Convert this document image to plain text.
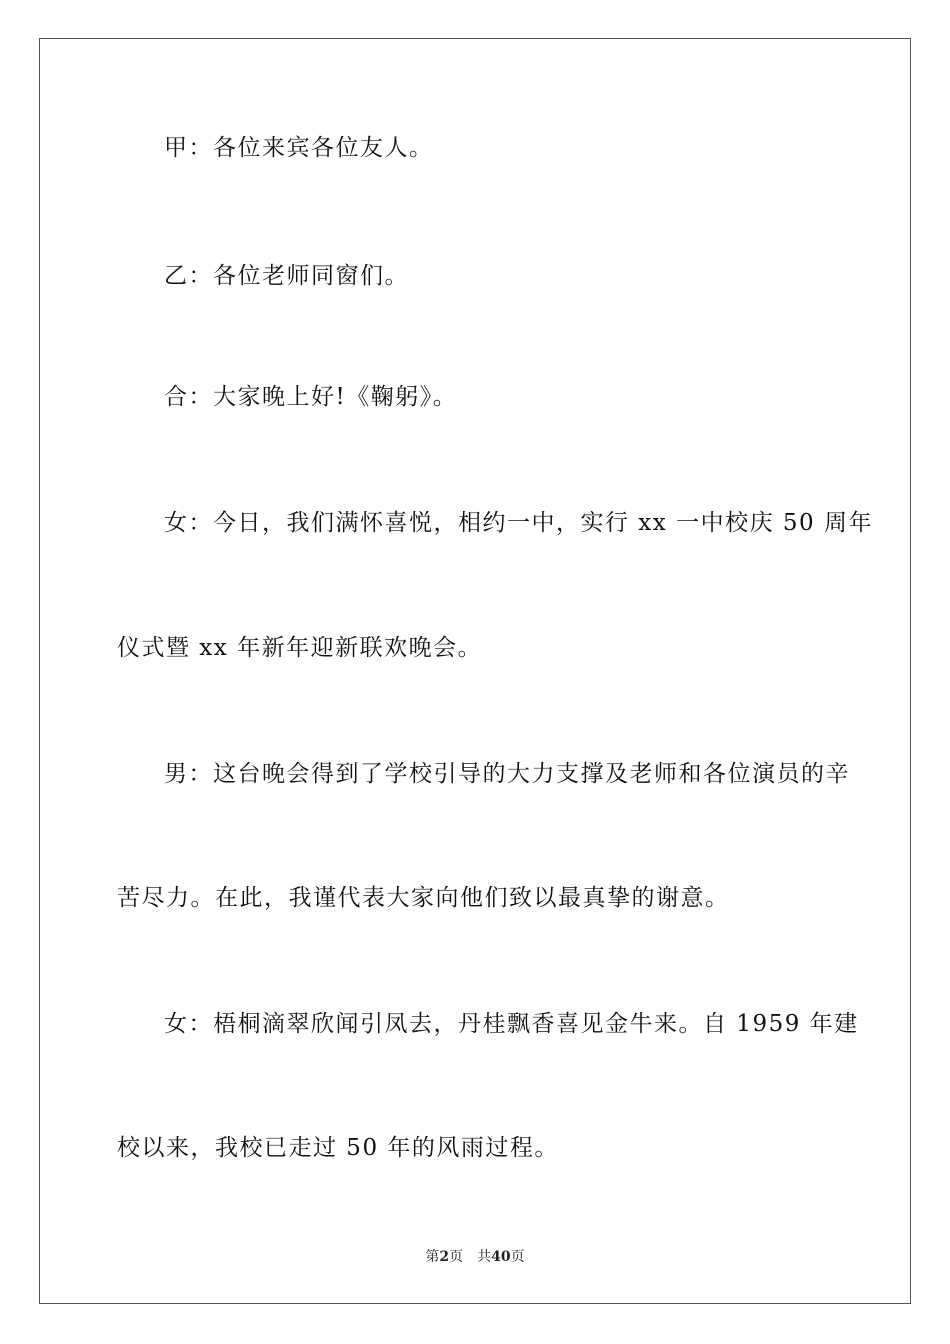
甲：各位来宾各位友人。
乙：各位老师同窗们。
合：大家晚上好!《鞠躬》。
女：今日，我们满怀喜悦，相约一中，实行 xx 一中校庆 50 周年
仪式暨 xx 年新年迎新联欢晚会。
男：这台晚会得到了学校引导的大力支撑及老师和各位演员的辛
苦尽力。在此，我谨代表大家向他们致以最真挚的谢意。
女：梧桐滴翠欣闻引凤去，丹桂飘香喜见金牛来。自 1959 年建
校以来，我校已走过 50 年的风雨过程。
第2页 共40页
